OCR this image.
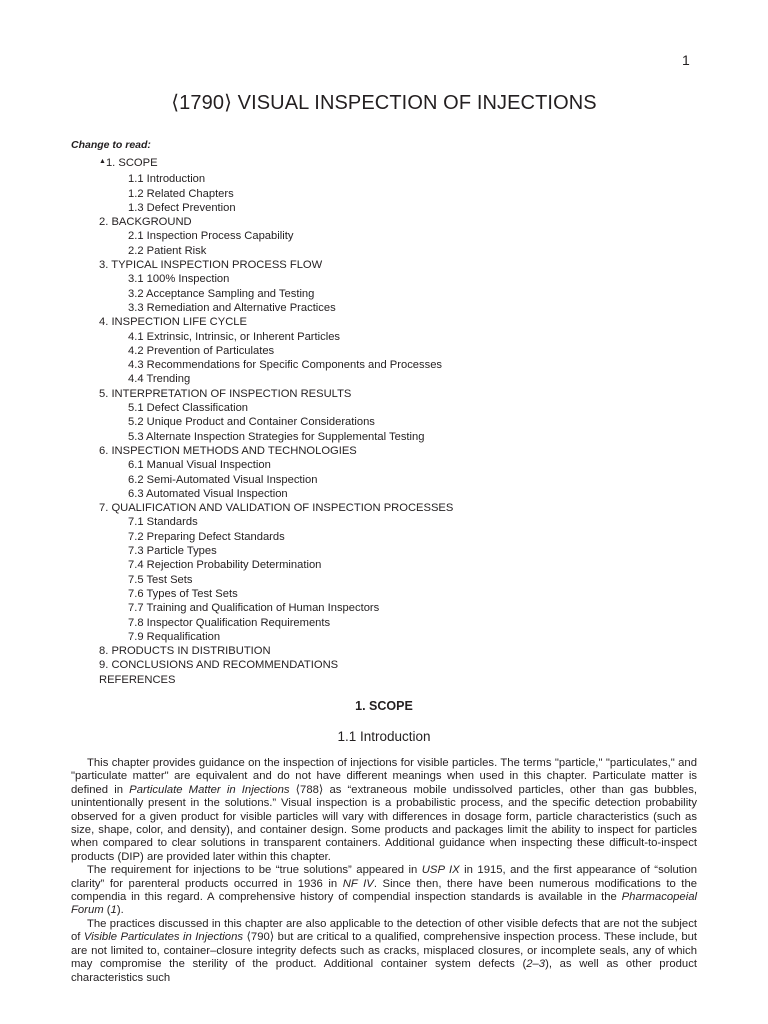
1
⟨1790⟩ VISUAL INSPECTION OF INJECTIONS
Change to read:
▲1. SCOPE
1.1 Introduction
1.2 Related Chapters
1.3 Defect Prevention
2. BACKGROUND
2.1 Inspection Process Capability
2.2 Patient Risk
3. TYPICAL INSPECTION PROCESS FLOW
3.1 100% Inspection
3.2 Acceptance Sampling and Testing
3.3 Remediation and Alternative Practices
4. INSPECTION LIFE CYCLE
4.1 Extrinsic, Intrinsic, or Inherent Particles
4.2 Prevention of Particulates
4.3 Recommendations for Specific Components and Processes
4.4 Trending
5. INTERPRETATION OF INSPECTION RESULTS
5.1 Defect Classification
5.2 Unique Product and Container Considerations
5.3 Alternate Inspection Strategies for Supplemental Testing
6. INSPECTION METHODS AND TECHNOLOGIES
6.1 Manual Visual Inspection
6.2 Semi-Automated Visual Inspection
6.3 Automated Visual Inspection
7. QUALIFICATION AND VALIDATION OF INSPECTION PROCESSES
7.1 Standards
7.2 Preparing Defect Standards
7.3 Particle Types
7.4 Rejection Probability Determination
7.5 Test Sets
7.6 Types of Test Sets
7.7 Training and Qualification of Human Inspectors
7.8 Inspector Qualification Requirements
7.9 Requalification
8. PRODUCTS IN DISTRIBUTION
9. CONCLUSIONS AND RECOMMENDATIONS
REFERENCES
1. SCOPE
1.1 Introduction

This chapter provides guidance on the inspection of injections for visible particles. The terms "particle," "particulates," and "particulate matter" are equivalent and do not have different meanings when used in this chapter. Particulate matter is defined in Particulate Matter in Injections ⟨788⟩ as “extraneous mobile undissolved particles, other than gas bubbles, unintentionally present in the solutions.” Visual inspection is a probabilistic process, and the specific detection probability observed for a given product for visible particles will vary with differences in dosage form, particle characteristics (such as size, shape, color, and density), and container design. Some products and packages limit the ability to inspect for particles when compared to clear solutions in transparent containers. Additional guidance when inspecting these difficult-to-inspect products (DIP) are provided later within this chapter.

The requirement for injections to be “true solutions” appeared in USP IX in 1915, and the first appearance of “solution clarity” for parenteral products occurred in 1936 in NF IV. Since then, there have been numerous modifications to the compendia in this regard. A comprehensive history of compendial inspection standards is available in the Pharmacopeial Forum (1).

The practices discussed in this chapter are also applicable to the detection of other visible defects that are not the subject of Visible Particulates in Injections ⟨790⟩ but are critical to a qualified, comprehensive inspection process. These include, but are not limited to, container–closure integrity defects such as cracks, misplaced closures, or incomplete seals, any of which may compromise the sterility of the product. Additional container system defects (2–3), as well as other product characteristics such
